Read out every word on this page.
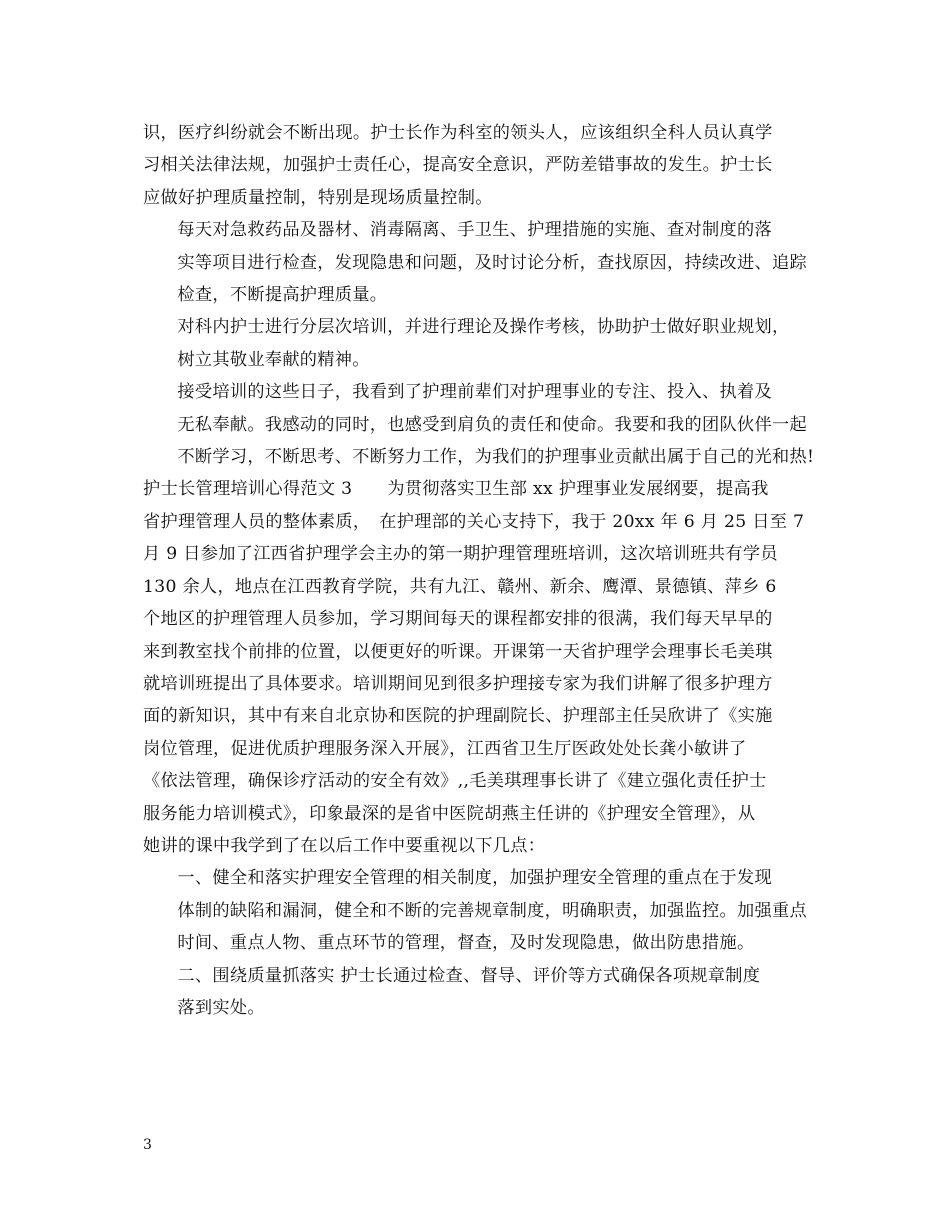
识，医疗纠纷就会不断出现。护士长作为科室的领头人，应该组织全科人员认真学
习相关法律法规，加强护士责任心，提高安全意识，严防差错事故的发生。护士长
应做好护理质量控制，特别是现场质量控制。
每天对急救药品及器材、消毒隔离、手卫生、护理措施的实施、查对制度的落
实等项目进行检查，发现隐患和问题，及时讨论分析，查找原因，持续改进、追踪
检查，不断提高护理质量。
对科内护士进行分层次培训，并进行理论及操作考核，协助护士做好职业规划，
树立其敬业奉献的精神。
接受培训的这些日子，我看到了护理前辈们对护理事业的专注、投入、执着及
无私奉献。我感动的同时，也感受到肩负的责任和使命。我要和我的团队伙伴一起
不断学习，不断思考、不断努力工作，为我们的护理事业贡献出属于自己的光和热!
护士长管理培训心得范文 3　　为贯彻落实卫生部 xx 护理事业发展纲要，提高我
省护理管理人员的整体素质，　在护理部的关心支持下，我于 20xx 年 6 月 25 日至 7
月 9 日参加了江西省护理学会主办的第一期护理管理班培训，这次培训班共有学员
130 余人，地点在江西教育学院，共有九江、赣州、新余、鹰潭、景德镇、萍乡 6
个地区的护理管理人员参加，学习期间每天的课程都安排的很满，我们每天早早的
来到教室找个前排的位置，以便更好的听课。开课第一天省护理学会理事长毛美琪
就培训班提出了具体要求。培训期间见到很多护理接专家为我们讲解了很多护理方
面的新知识，其中有来自北京协和医院的护理副院长、护理部主任吴欣讲了《实施
岗位管理，促进优质护理服务深入开展》，江西省卫生厅医政处处长龚小敏讲了
《依法管理，确保诊疗活动的安全有效》,,毛美琪理事长讲了《建立强化责任护士
服务能力培训模式》，印象最深的是省中医院胡燕主任讲的《护理安全管理》，从
她讲的课中我学到了在以后工作中要重视以下几点：
一、健全和落实护理安全管理的相关制度，加强护理安全管理的重点在于发现
体制的缺陷和漏洞，健全和不断的完善规章制度，明确职责，加强监控。加强重点
时间、重点人物、重点环节的管理，督查，及时发现隐患，做出防患措施。
二、围绕质量抓落实 护士长通过检查、督导、评价等方式确保各项规章制度
落到实处。
3
